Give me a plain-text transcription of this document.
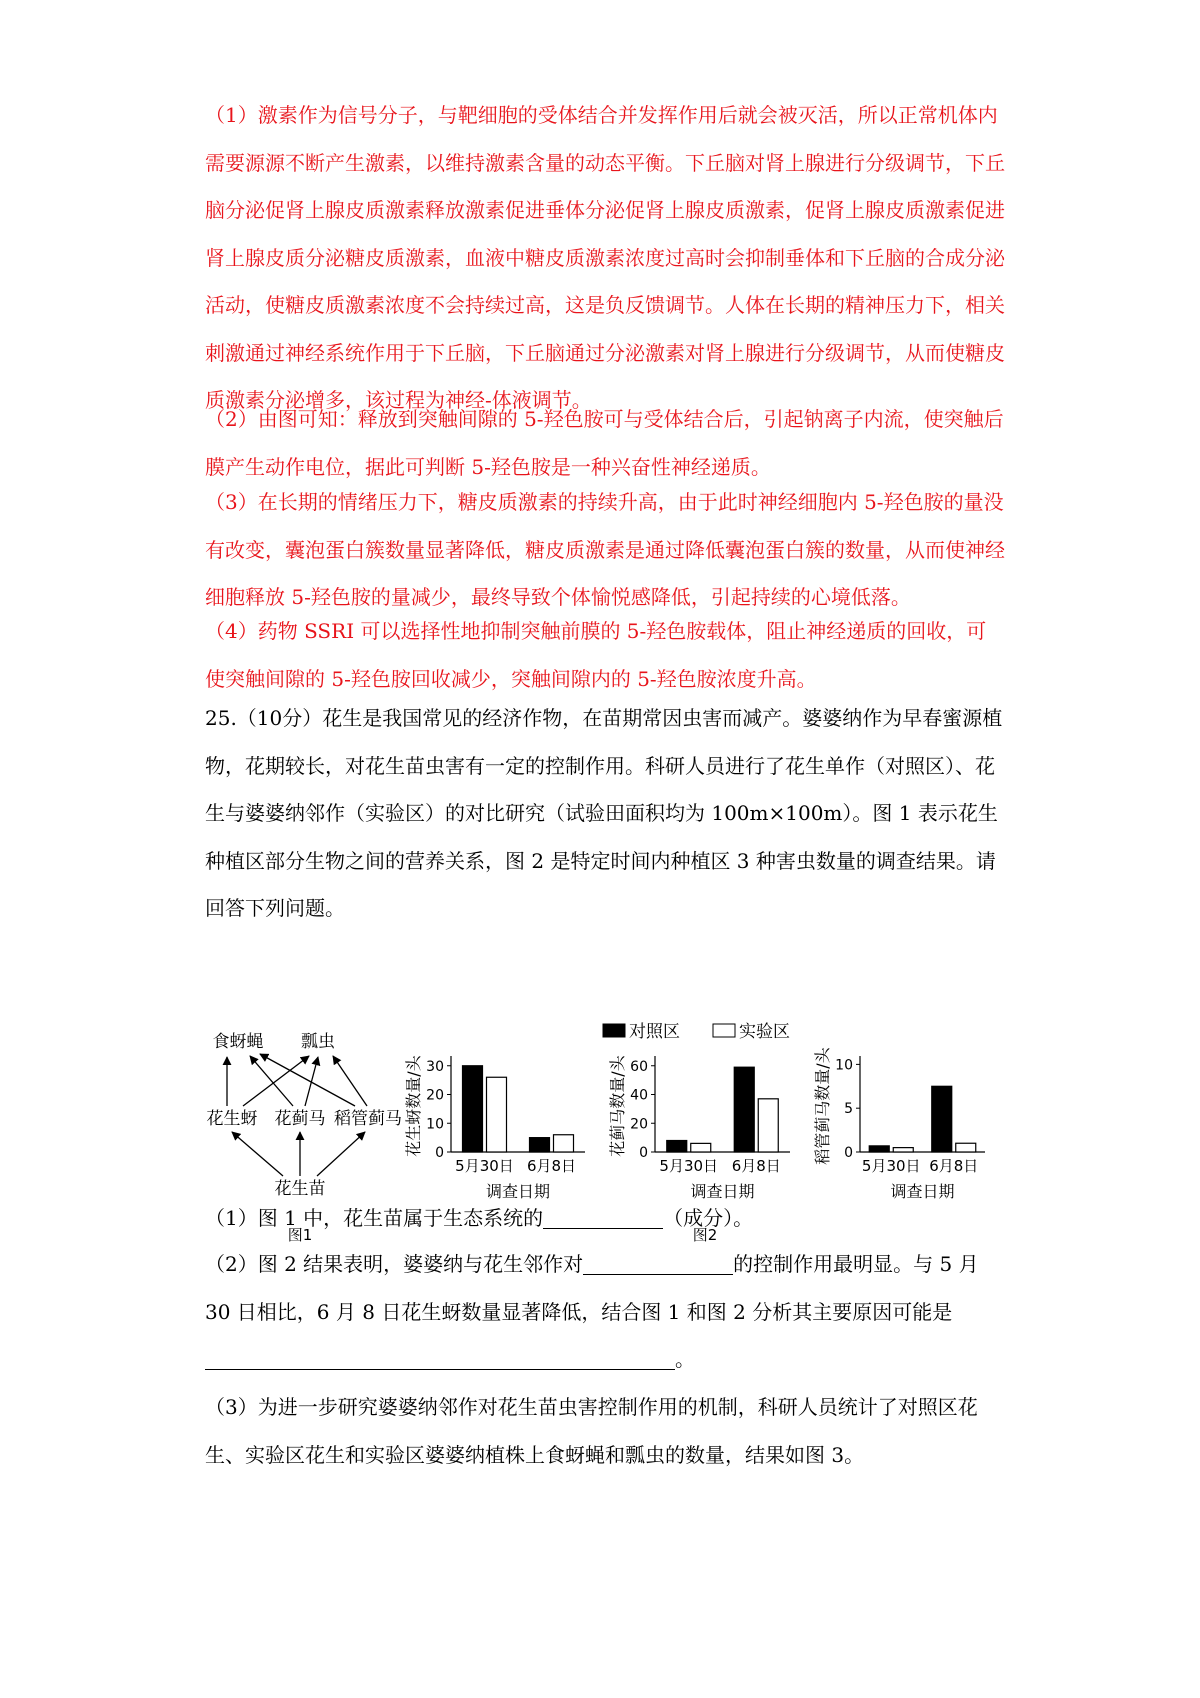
（1）激素作为信号分子，与靶细胞的受体结合并发挥作用后就会被灭活，所以正常机体内需要源源不断产生激素，以维持激素含量的动态平衡。下丘脑对肾上腺进行分级调节，下丘脑分泌促肾上腺皮质激素释放激素促进垂体分泌促肾上腺皮质激素，促肾上腺皮质激素促进肾上腺皮质分泌糖皮质激素，血液中糖皮质激素浓度过高时会抑制垂体和下丘脑的合成分泌活动，使糖皮质激素浓度不会持续过高，这是负反馈调节。人体在长期的精神压力下，相关刺激通过神经系统作用于下丘脑，下丘脑通过分泌激素对肾上腺进行分级调节，从而使糖皮质激素分泌增多，该过程为神经-体液调节。

（2）由图可知：释放到突触间隙的 5-羟色胺可与受体结合后，引起钠离子内流，使突触后膜产生动作电位，据此可判断 5-羟色胺是一种兴奋性神经递质。

（3）在长期的情绪压力下，糖皮质激素的持续升高，由于此时神经细胞内 5-羟色胺的量没有改变，囊泡蛋白簇数量显著降低，糖皮质激素是通过降低囊泡蛋白簇的数量，从而使神经细胞释放 5-羟色胺的量减少，最终导致个体愉悦感降低，引起持续的心境低落。

（4）药物 SSRI 可以选择性地抑制突触前膜的 5-羟色胺载体，阻止神经递质的回收，可使突触间隙的 5-羟色胺回收减少，突触间隙内的 5-羟色胺浓度升高。

25.（10分）花生是我国常见的经济作物，在苗期常因虫害而减产。婆婆纳作为早春蜜源植物，花期较长，对花生苗虫害有一定的控制作用。科研人员进行了花生单作（对照区）、花生与婆婆纳邻作（实验区）的对比研究（试验田面积均为 100m×100m）。图 1 表示花生种植区部分生物之间的营养关系，图 2 是特定时间内种植区 3 种害虫数量的调查结果。请回答下列问题。

食蚜蝇 瓢虫
花生蚜 花蓟马 稻管蓟马
花生苗
图1
对照区	实验区
0
10
20
30
花生蚜数量/头
5月30日 6月8日
调查日期
0
20
40
60
花蓟马数量/头
5月30日 6月8日
调查日期
0
5
10
稻管蓟马数量/头
5月30日 6月8日
调查日期
图2

（1）图 1 中，花生苗属于生态系统的	（成分）。

（2）图 2 结果表明，婆婆纳与花生邻作对	的控制作用最明显。与 5 月 30 日相比，6 月 8 日花生蚜数量显著降低，结合图 1 和图 2 分析其主要原因可能是。

（3）为进一步研究婆婆纳邻作对花生苗虫害控制作用的机制，科研人员统计了对照区花生、实验区花生和实验区婆婆纳植株上食蚜蝇和瓢虫的数量，结果如图 3。
